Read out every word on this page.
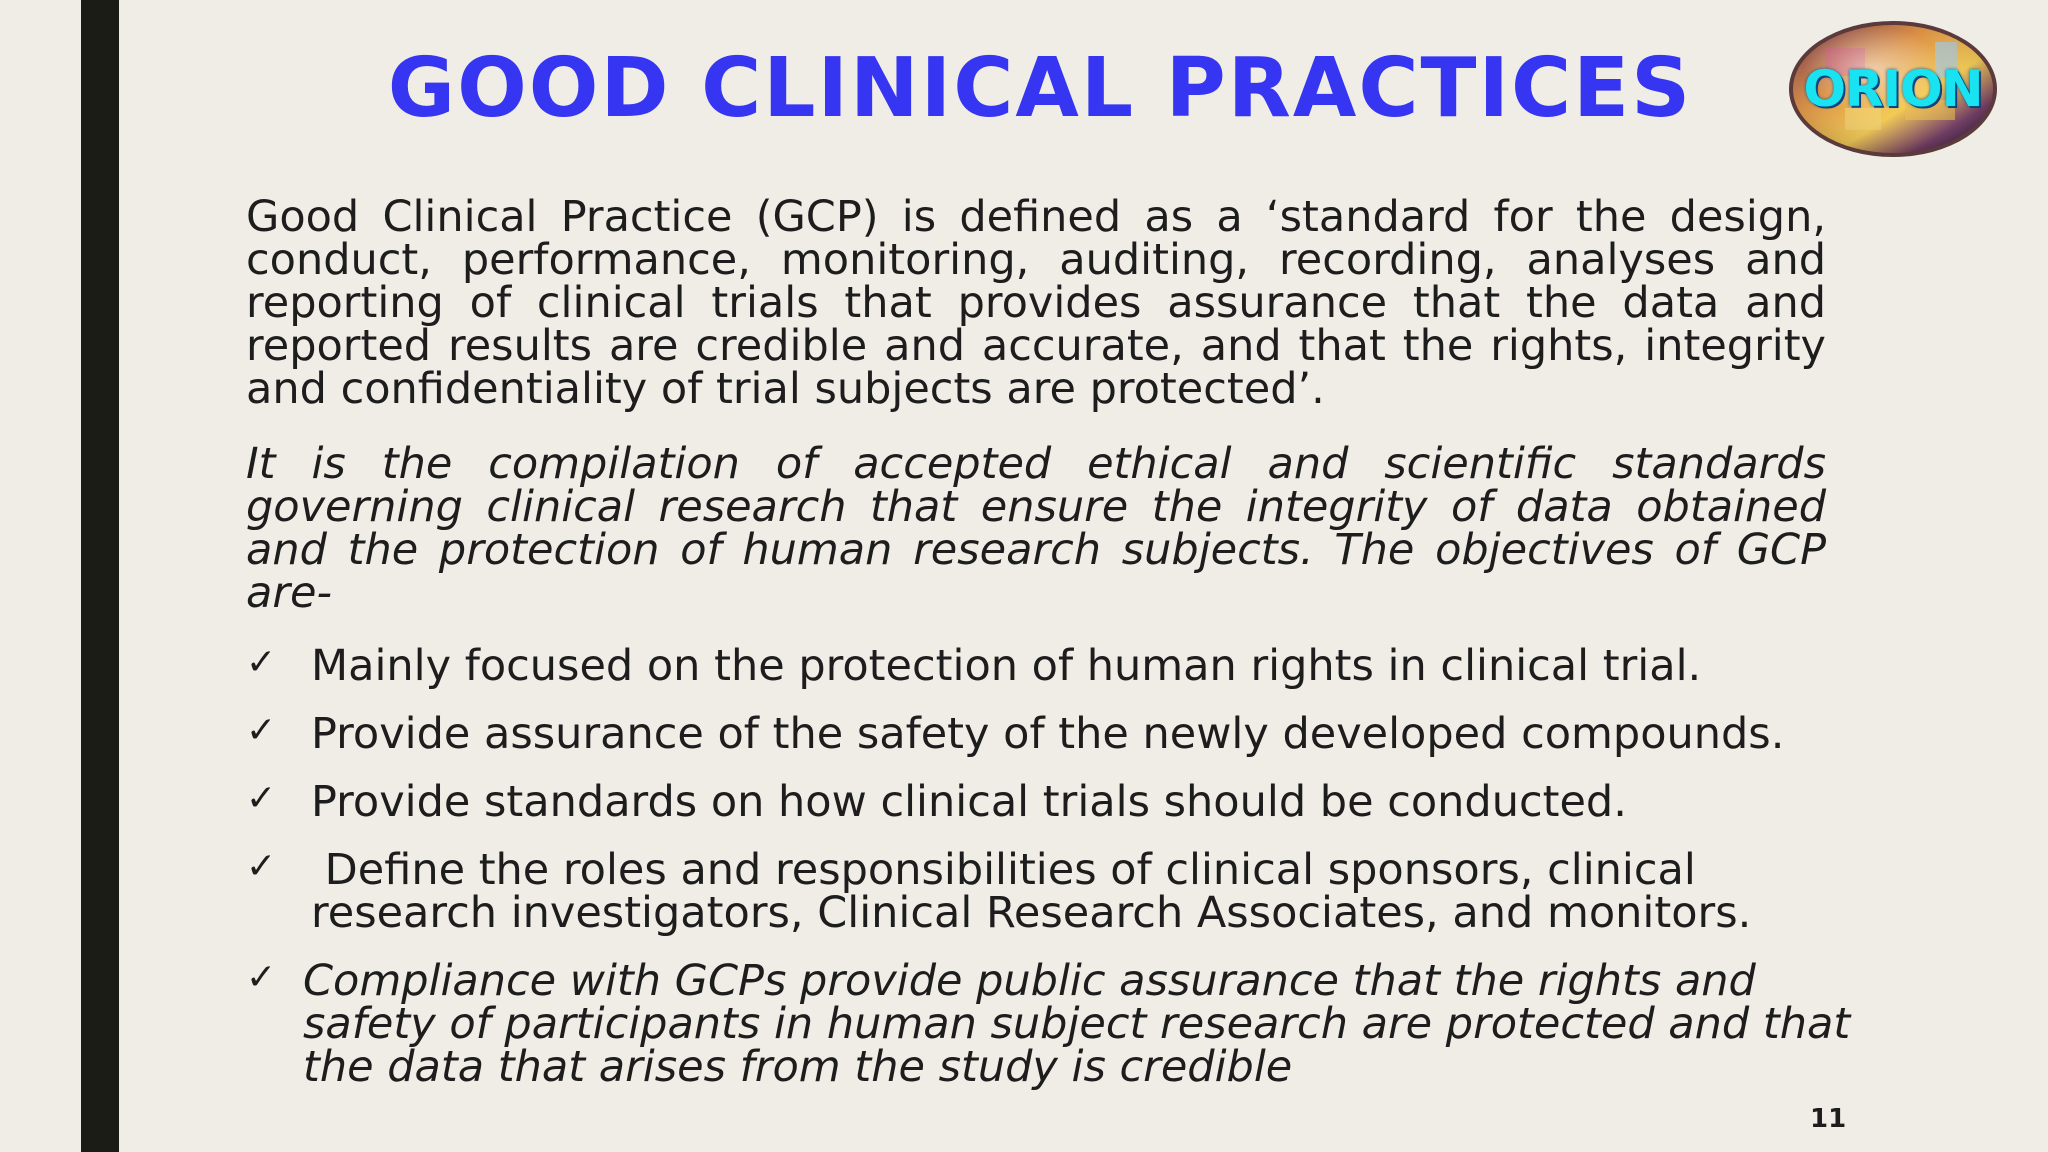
GOOD CLINICAL PRACTICES	ORION

Good Clinical Practice (GCP) is defined as a ‘standard for the design, conduct, performance, monitoring, auditing, recording, analyses and reporting of clinical trials that provides assurance that the data and reported results are credible and accurate, and that the rights, integrity and confidentiality of trial subjects are protected’.

It is the compilation of accepted ethical and scientific standards governing clinical research that ensure the integrity of data obtained and the protection of human research subjects. The objectives of GCP are-

✓ Mainly focused on the protection of human rights in clinical trial.
✓ Provide assurance of the safety of the newly developed compounds.
✓ Provide standards on how clinical trials should be conducted.
✓ Define the roles and responsibilities of clinical sponsors, clinical research investigators, Clinical Research Associates, and monitors.
✓ Compliance with GCPs provide public assurance that the rights and safety of participants in human subject research are protected and that the data that arises from the study is credible
11
